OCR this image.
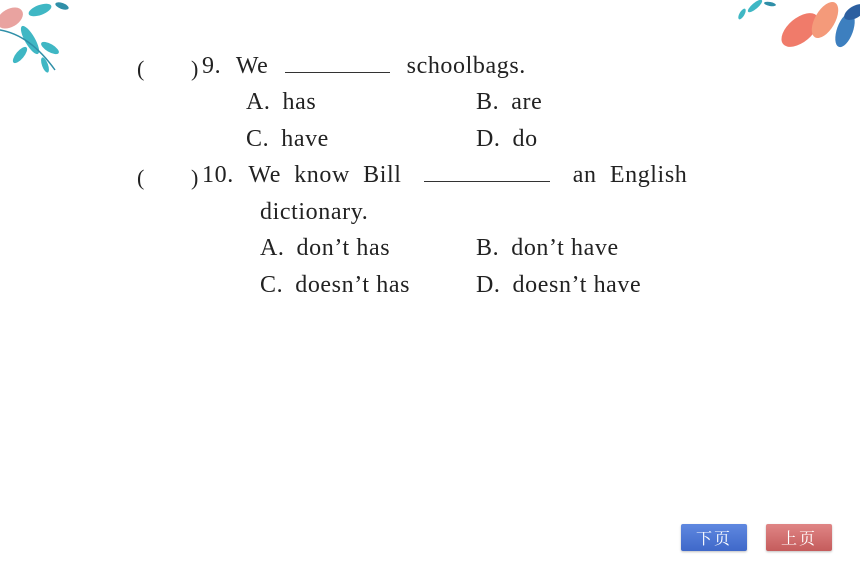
( ) 9. We	schoolbags.
A. has	B. are
C. have	D. do
( ) 10. We  know  Bill	an  English
dictionary.
A. don’t has	B. don’t have
C. doesn’t has	D. doesn’t have
下页	上页
